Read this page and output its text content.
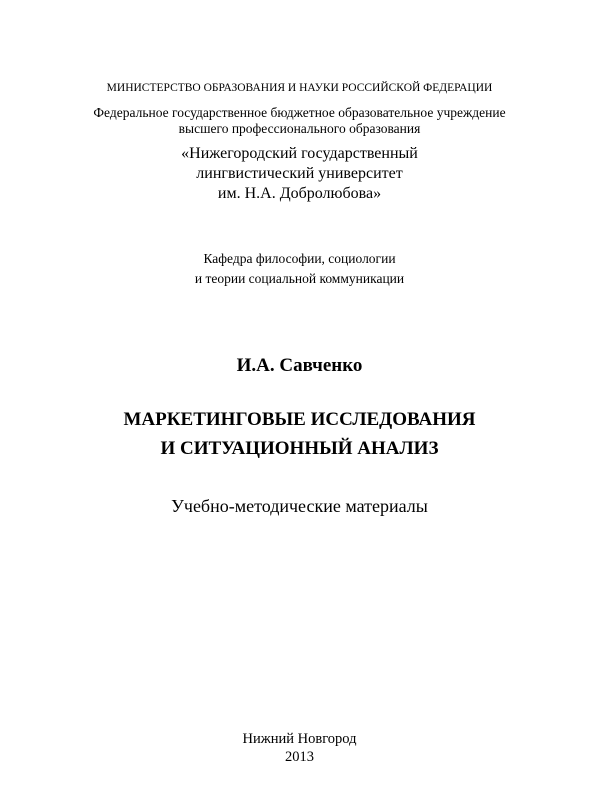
МИНИСТЕРСТВО ОБРАЗОВАНИЯ И НАУКИ РОССИЙСКОЙ ФЕДЕРАЦИИ
Федеральное государственное бюджетное образовательное учреждение
высшего профессионального образования
«Нижегородский государственный
лингвистический университет
им. Н.А. Добролюбова»
Кафедра философии, социологии
и теории социальной коммуникации
И.А. Савченко
МАРКЕТИНГОВЫЕ ИССЛЕДОВАНИЯ
И СИТУАЦИОННЫЙ АНАЛИЗ
Учебно-методические материалы
Нижний Новгород
2013
